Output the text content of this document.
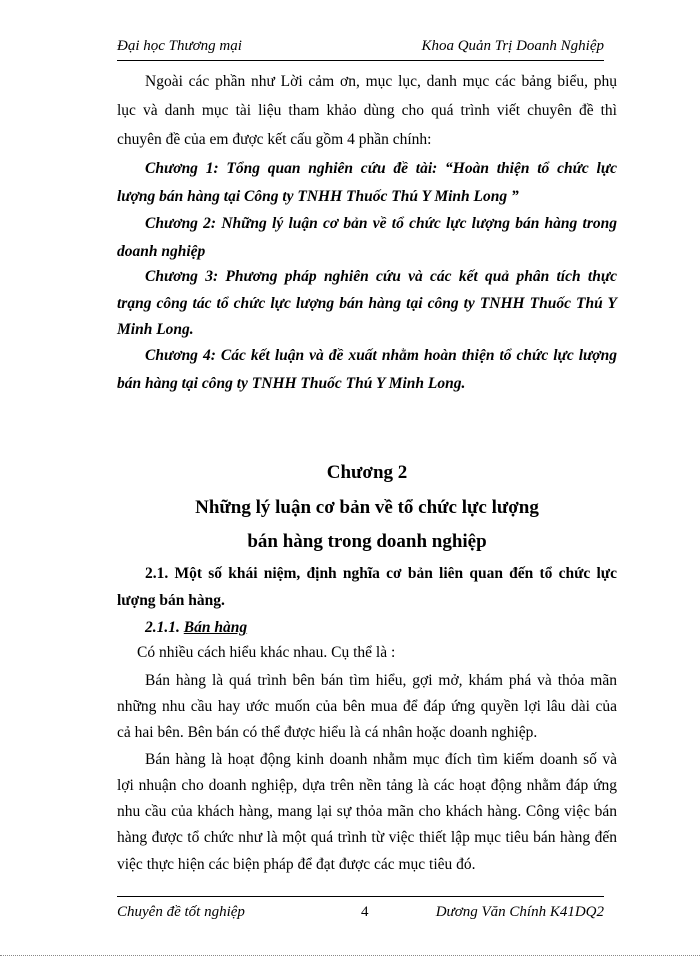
Đại học Thương mại	Khoa Quản Trị Doanh Nghiệp
Ngoài các phần như Lời cảm ơn, mục lục, danh mục các bảng biểu, phụ
lục và danh mục tài liệu tham khảo dùng cho quá trình viết chuyên đề thì
chuyên đề của em được kết cấu gồm 4 phần chính:
Chương 1: Tổng quan nghiên cứu đề tài: “Hoàn thiện tổ chức lực
lượng bán hàng tại Công ty TNHH Thuốc Thú Y Minh Long ”
Chương 2: Những lý luận cơ bản về tổ chức lực lượng bán hàng trong
doanh nghiệp
Chương 3: Phương pháp nghiên cứu và các kết quả phân tích thực
trạng công tác tổ chức lực lượng bán hàng tại công ty TNHH Thuốc Thú Y
Minh Long.
Chương 4: Các kết luận và đề xuất nhằm hoàn thiện tổ chức lực lượng
bán hàng tại công ty TNHH Thuốc Thú Y Minh Long.
Chương 2
Những lý luận cơ bản về tổ chức lực lượng
bán hàng trong doanh nghiệp
2.1. Một số khái niệm, định nghĩa cơ bản liên quan đến tổ chức lực
lượng bán hàng.
2.1.1. Bán hàng
Có nhiều cách hiểu khác nhau. Cụ thể là :
Bán hàng là quá trình bên bán tìm hiểu, gợi mở, khám phá và thỏa mãn
những nhu cầu hay ước muốn của bên mua để đáp ứng quyền lợi lâu dài của
cả hai bên. Bên bán có thể được hiểu là cá nhân hoặc doanh nghiệp.
Bán hàng là hoạt động kinh doanh nhằm mục đích tìm kiếm doanh số và
lợi nhuận cho doanh nghiệp, dựa trên nền tảng là các hoạt động nhằm đáp ứng
nhu cầu của khách hàng, mang lại sự thỏa mãn cho khách hàng. Công việc bán
hàng được tổ chức như là một quá trình từ việc thiết lập mục tiêu bán hàng đến
việc thực hiện các biện pháp để đạt được các mục tiêu đó.
Chuyên đề tốt nghiệp	4	Dương Văn Chính K41DQ2
